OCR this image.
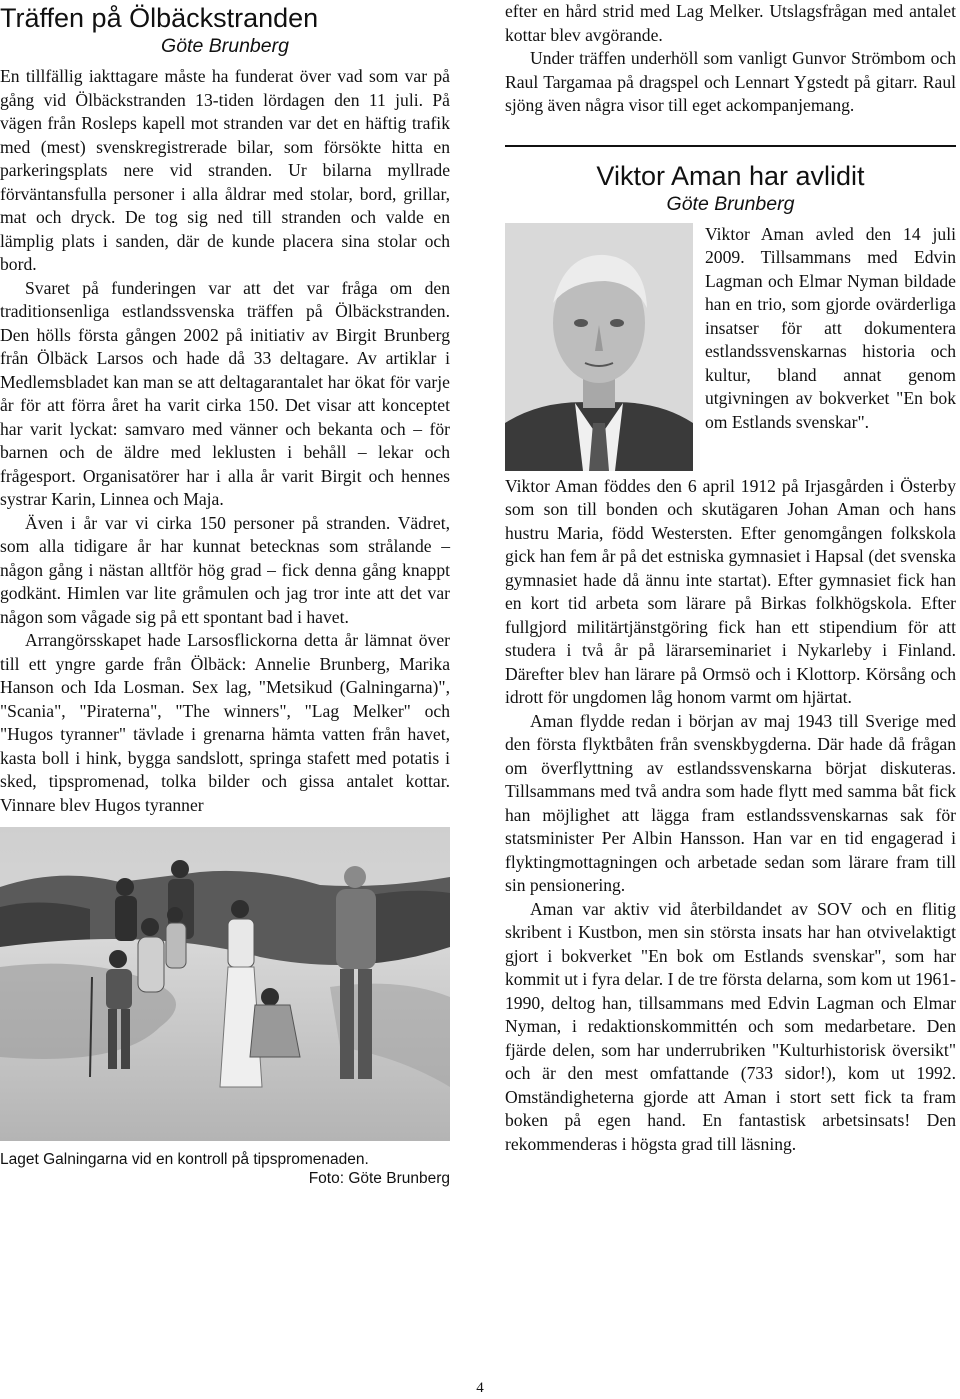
Träffen på Ölbäckstranden
Göte Brunberg

En tillfällig iakttagare måste ha funderat över vad som var på gång vid Ölbäckstranden 13-tiden lördagen den 11 juli. På vägen från Rosleps kapell mot stranden var det en häftig trafik med (mest) svenskregistrerade bilar, som försökte hitta en parkeringsplats nere vid stranden. Ur bilarna myllrade förväntansfulla personer i alla åldrar med stolar, bord, grillar, mat och dryck. De tog sig ned till stranden och valde en lämplig plats i sanden, där de kunde placera sina stolar och bord.

Svaret på funderingen var att det var fråga om den traditionsenliga estlandssvenska träffen på Ölbäckstranden. Den hölls första gången 2002 på initiativ av Birgit Brunberg från Ölbäck Larsos och hade då 33 deltagare. Av artiklar i Medlemsbladet kan man se att deltagarantalet har ökat för varje år för att förra året ha varit cirka 150. Det visar att konceptet har varit lyckat: samvaro med vänner och bekanta och – för barnen och de äldre med leklusten i behåll – lekar och frågesport. Organisatörer har i alla år varit Birgit och hennes systrar Karin, Linnea och Maja.

Även i år var vi cirka 150 personer på stranden. Vädret, som alla tidigare år har kunnat betecknas som strålande – någon gång i nästan alltför hög grad – fick denna gång knappt godkänt. Himlen var lite gråmulen och jag tror inte att det var någon som vågade sig på ett spontant bad i havet.

Arrangörsskapet hade Larsosflickorna detta år lämnat över till ett yngre garde från Ölbäck: Annelie Brunberg, Marika Hanson och Ida Losman. Sex lag, "Metsikud (Galningarna)", "Scania", "Piraterna", "The winners", "Lag Melker" och "Hugos tyranner" tävlade i grenarna hämta vatten från havet, kasta boll i hink, bygga sandslott, springa stafett med potatis i sked, tipspromenad, tolka bilder och gissa antalet kottar. Vinnare blev Hugos tyranner

Laget Galningarna vid en kontroll på tipspromenaden.
Foto: Göte Brunberg

efter en hård strid med Lag Melker. Utslagsfrågan med antalet kottar blev avgörande.

Under träffen underhöll som vanligt Gunvor Strömbom och Raul Targamaa på dragspel och Lennart Ygstedt på gitarr. Raul sjöng även några visor till eget ackompanjemang.

Viktor Aman har avlidit
Göte Brunberg

Viktor Aman avled den 14 juli 2009. Tillsammans med Edvin Lagman och Elmar Nyman bildade han en trio, som gjorde ovärderliga insatser för att dokumentera estlandssvenskarnas historia och kultur, bland annat genom utgivningen av bokverket "En bok om Estlands svenskar".

Viktor Aman föddes den 6 april 1912 på Irjasgården i Österby som son till bonden och skutägaren Johan Aman och hans hustru Maria, född Westersten. Efter genomgången folkskola gick han fem år på det estniska gymnasiet i Hapsal (det svenska gymnasiet hade då ännu inte startat). Efter gymnasiet fick han en kort tid arbeta som lärare på Birkas folkhögskola. Efter fullgjord militärtjänstgöring fick han ett stipendium för att studera i två år på lärarseminariet i Nykarleby i Finland. Därefter blev han lärare på Ormsö och i Klottorp. Körsång och idrott för ungdomen låg honom varmt om hjärtat.

Aman flydde redan i början av maj 1943 till Sverige med den första flyktbåten från svenskbygderna. Där hade då frågan om överflyttning av estlandssvenskarna börjat diskuteras. Tillsammans med två andra som hade flytt med samma båt fick han möjlighet att lägga fram estlandssvenskarnas sak för statsminister Per Albin Hansson. Han var en tid engagerad i flyktingmottagningen och arbetade sedan som lärare fram till sin pensionering.

Aman var aktiv vid återbildandet av SOV och en flitig skribent i Kustbon, men sin största insats har han otvivelaktigt gjort i bokverket "En bok om Estlands svenskar", som har kommit ut i fyra delar. I de tre första delarna, som kom ut 1961-1990, deltog han, tillsammans med Edvin Lagman och Elmar Nyman, i redaktionskommittén och som medarbetare. Den fjärde delen, som har underrubriken "Kulturhistorisk översikt" och är den mest omfattande (733 sidor!), kom ut 1992. Omständigheterna gjorde att Aman i stort sett fick ta fram boken på egen hand. En fantastisk arbetsinsats! Den rekommenderas i högsta grad till läsning.

4
